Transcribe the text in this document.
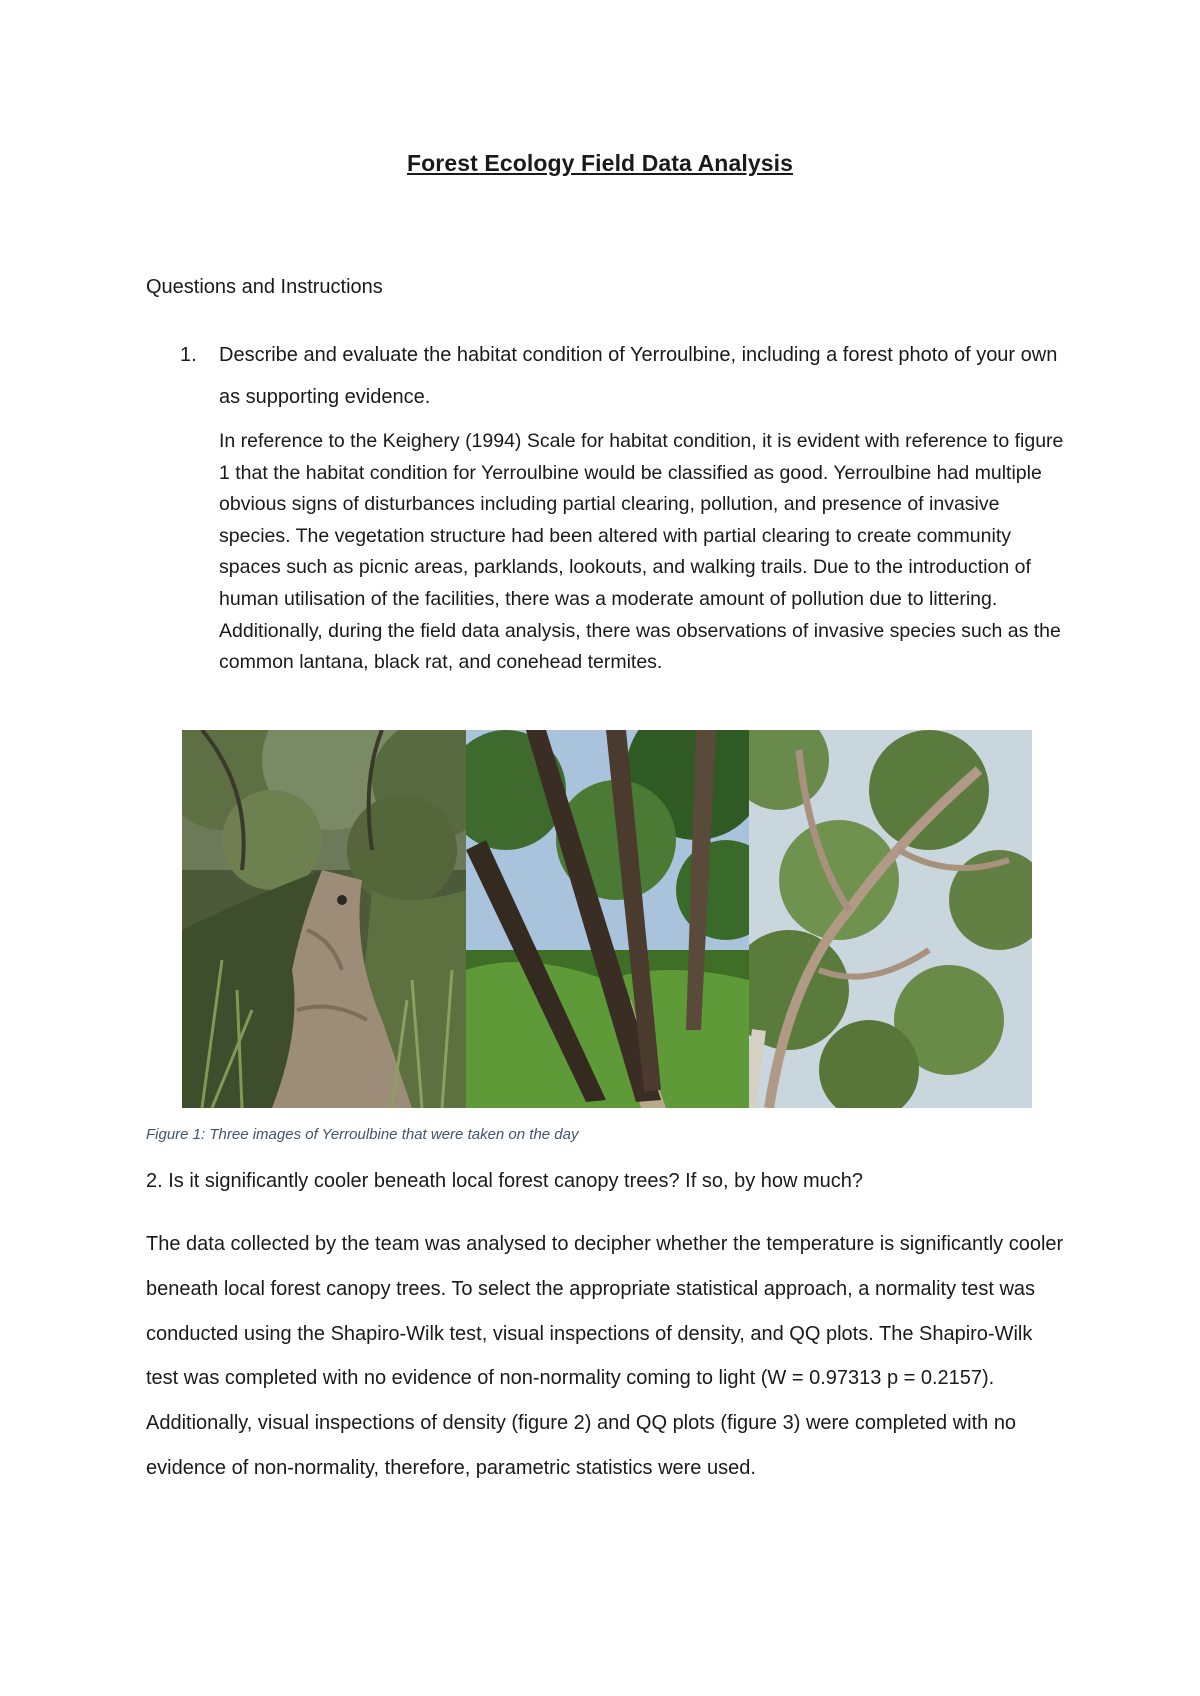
Forest Ecology Field Data Analysis
Questions and Instructions
1. Describe and evaluate the habitat condition of Yerroulbine, including a forest photo of your own as supporting evidence.

In reference to the Keighery (1994) Scale for habitat condition, it is evident with reference to figure 1 that the habitat condition for Yerroulbine would be classified as good. Yerroulbine had multiple obvious signs of disturbances including partial clearing, pollution, and presence of invasive species. The vegetation structure had been altered with partial clearing to create community spaces such as picnic areas, parklands, lookouts, and walking trails. Due to the introduction of human utilisation of the facilities, there was a moderate amount of pollution due to littering. Additionally, during the field data analysis, there was observations of invasive species such as the common lantana, black rat, and conehead termites.

Figure 1: Three images of Yerroulbine that were taken on the day
2. Is it significantly cooler beneath local forest canopy trees? If so, by how much?

The data collected by the team was analysed to decipher whether the temperature is significantly cooler beneath local forest canopy trees. To select the appropriate statistical approach, a normality test was conducted using the Shapiro-Wilk test, visual inspections of density, and QQ plots. The Shapiro-Wilk test was completed with no evidence of non-normality coming to light (W = 0.97313 p = 0.2157). Additionally, visual inspections of density (figure 2) and QQ plots (figure 3) were completed with no evidence of non-normality, therefore, parametric statistics were used.
